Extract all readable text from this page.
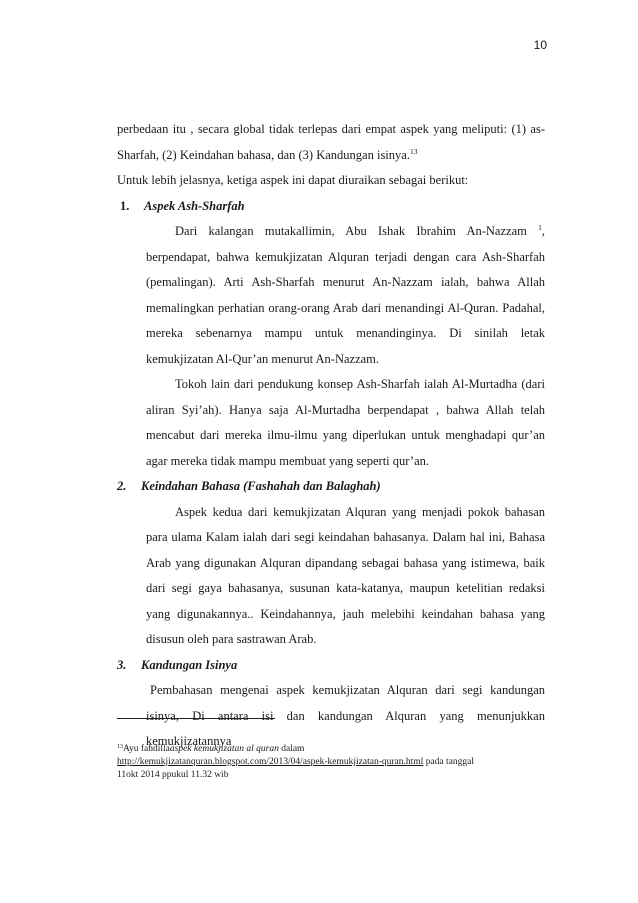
10

perbedaan itu , secara global tidak terlepas dari empat aspek yang meliputi: (1) as-Sharfah, (2) Keindahan bahasa, dan (3) Kandungan isinya.$^{13}$

Untuk lebih jelasnya, ketiga aspek ini dapat diuraikan sebagai berikut:

1. Aspek Ash-Sharfah

Dari kalangan mutakallimin, Abu Ishak Ibrahim An-Nazzam $^1$, berpendapat, bahwa kemukjizatan Alquran terjadi dengan cara Ash-Sharfah (pemalingan). Arti Ash-Sharfah menurut An-Nazzam ialah, bahwa Allah memalingkan perhatian orang-orang Arab dari menandingi Al-Quran. Padahal, mereka sebenarnya mampu untuk menandinginya. Di sinilah letak kemukjizatan Al-Qur’an menurut An-Nazzam.

Tokoh lain dari pendukung konsep Ash-Sharfah ialah Al-Murtadha (dari aliran Syi’ah). Hanya saja Al-Murtadha berpendapat , bahwa Allah telah mencabut dari mereka ilmu-ilmu yang diperlukan untuk menghadapi qur’an agar mereka tidak mampu membuat yang seperti qur’an.

2. Keindahan Bahasa (Fashahah dan Balaghah)

Aspek kedua dari kemukjizatan Alquran yang menjadi pokok bahasan para ulama Kalam ialah dari segi keindahan bahasanya. Dalam hal ini, Bahasa Arab yang digunakan Alquran dipandang sebagai bahasa yang istimewa, baik dari segi gaya bahasanya, susunan kata-katanya, maupun ketelitian redaksi yang digunakannya.. Keindahannya, jauh melebihi keindahan bahasa yang disusun oleh para sastrawan Arab.

3. Kandungan Isinya

Pembahasan mengenai aspek kemukjizatan Alquran dari segi kandungan isinya, Di antara isi dan kandungan Alquran yang menunjukkan kemukjizatannya

$^{13}$Ayu fahdillaaspek kemukjizatan al quran dalam
http://kemukjizatanquran.blogspot.com/2013/04/aspek-kemukjizatan-quran.html pada tanggal
11okt 2014 ppukul 11.32 wib
